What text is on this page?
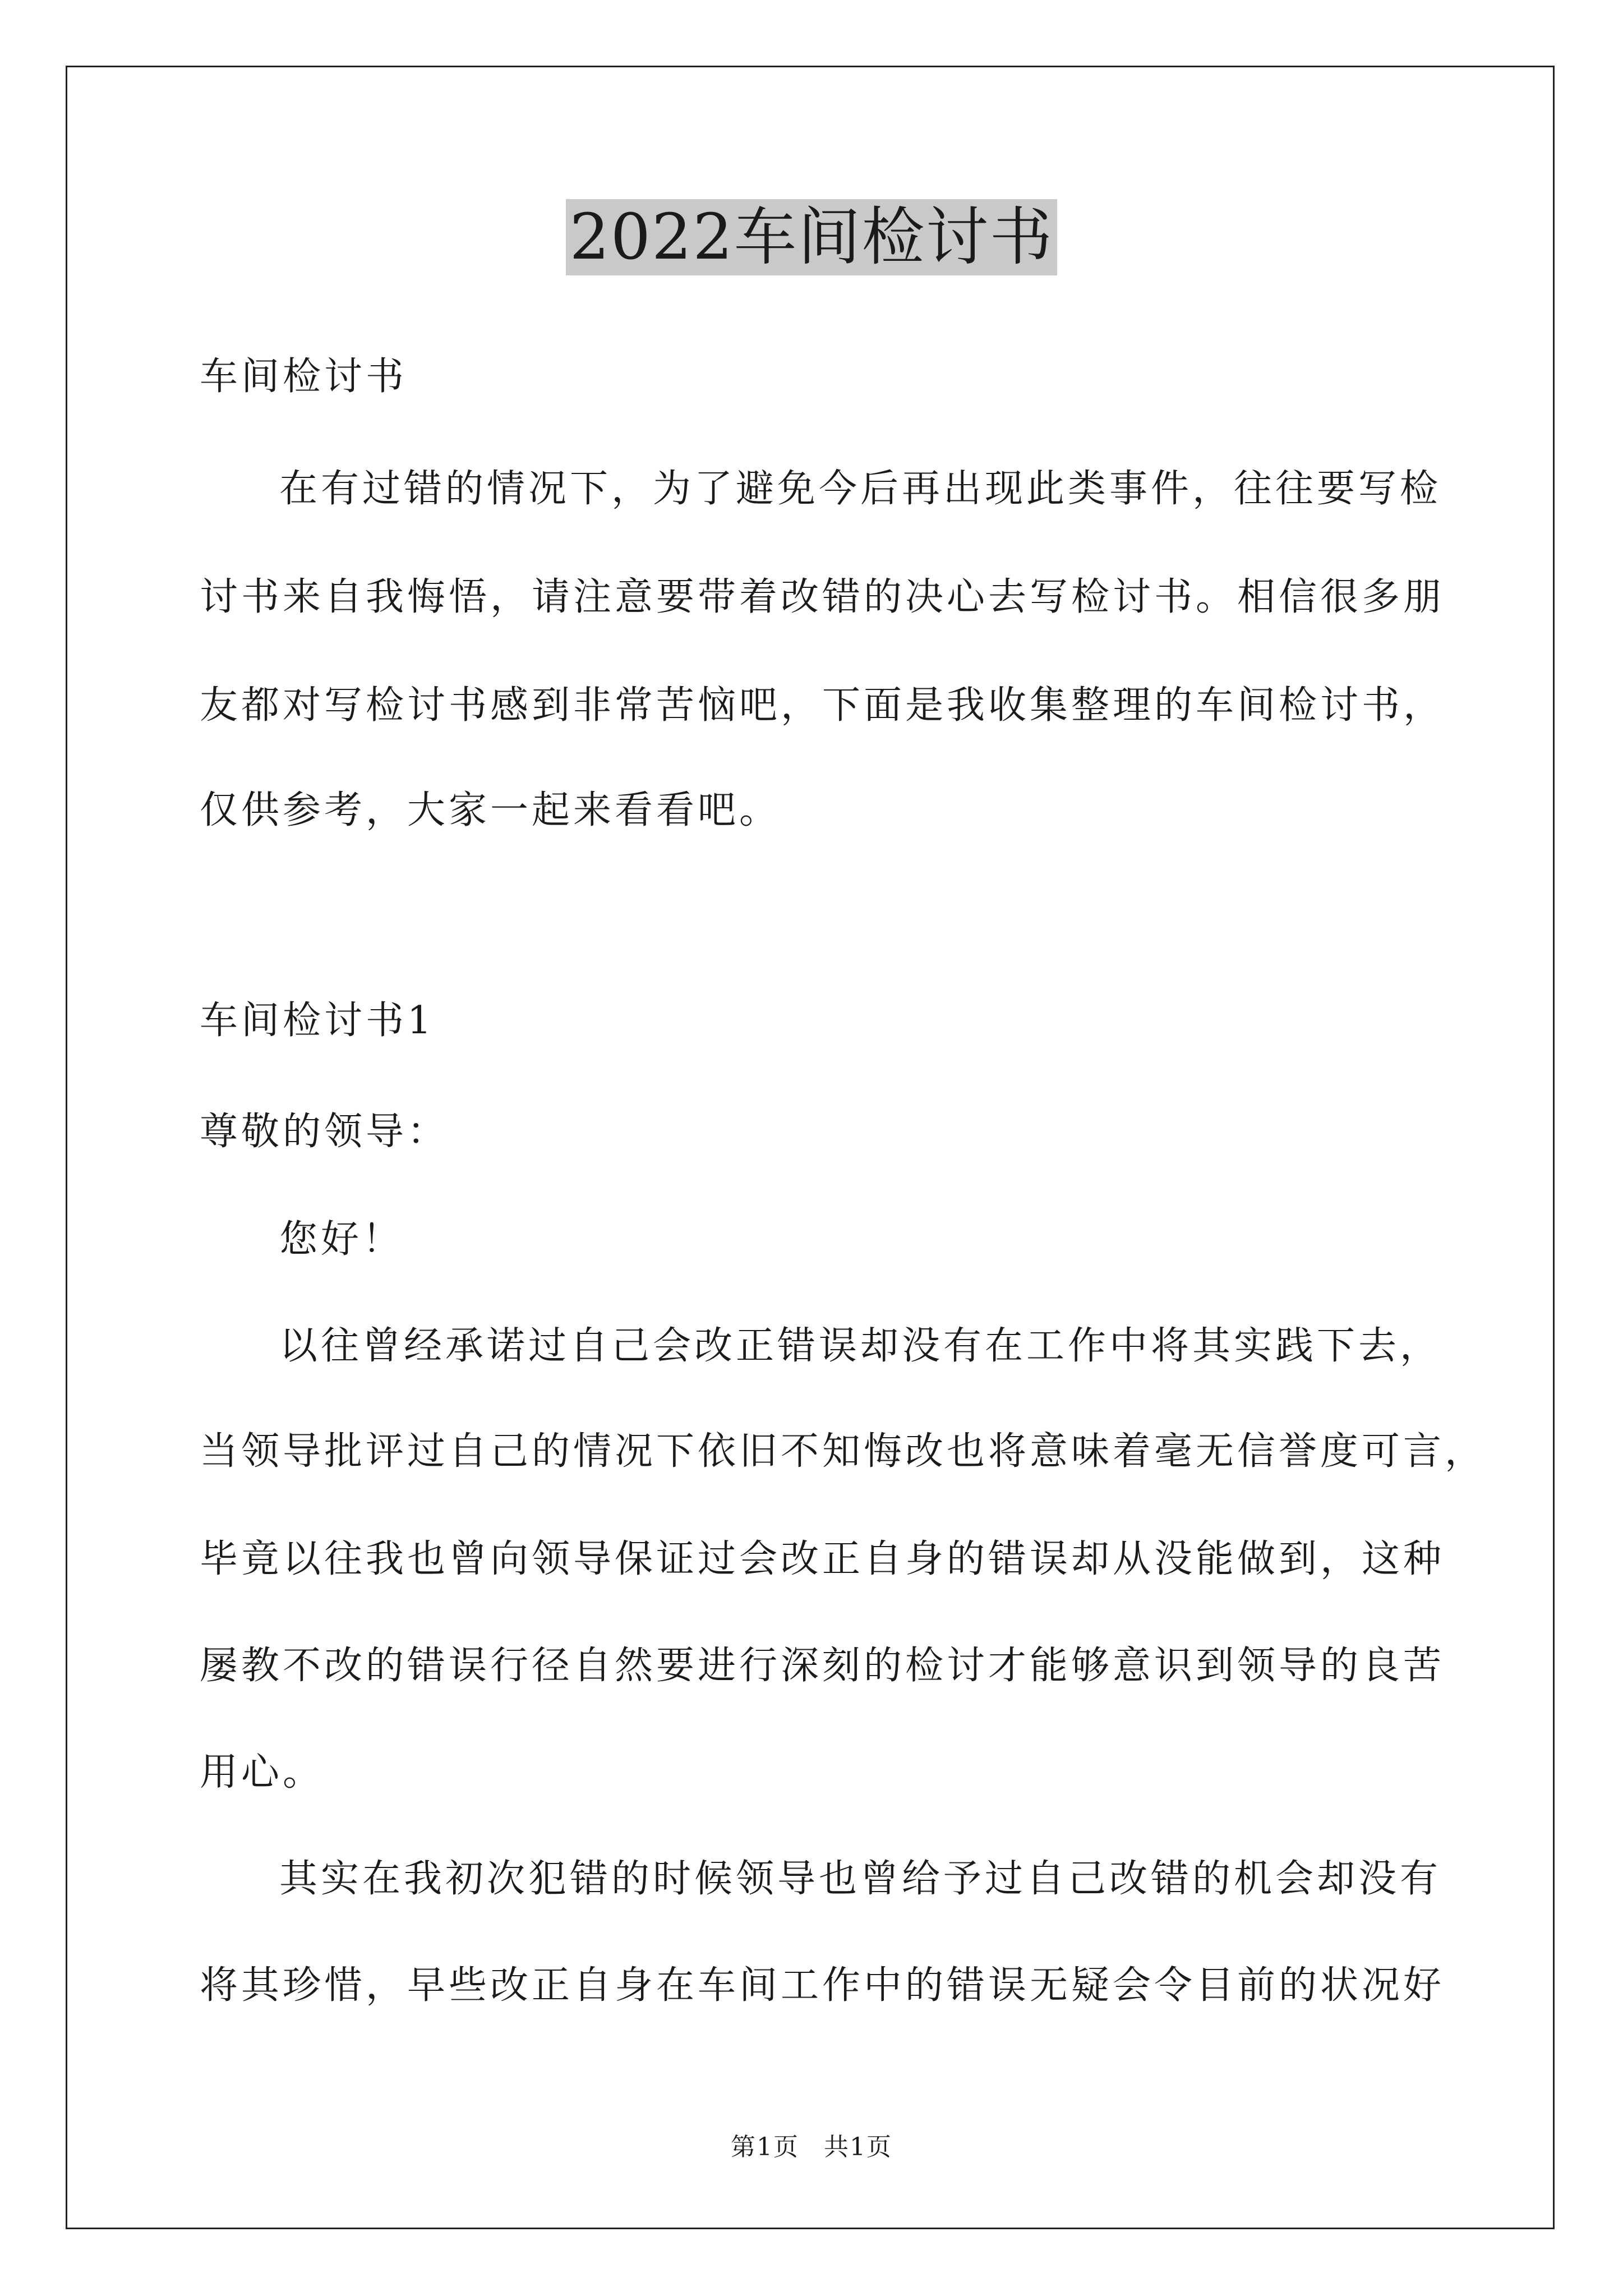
2022车间检讨书
车间检讨书
在有过错的情况下，为了避免今后再出现此类事件，往往要写检
讨书来自我悔悟，请注意要带着改错的决心去写检讨书。相信很多朋
友都对写检讨书感到非常苦恼吧，下面是我收集整理的车间检讨书，
仅供参考，大家一起来看看吧。
车间检讨书1
尊敬的领导：
您好！
以往曾经承诺过自己会改正错误却没有在工作中将其实践下去，
当领导批评过自己的情况下依旧不知悔改也将意味着毫无信誉度可言，
毕竟以往我也曾向领导保证过会改正自身的错误却从没能做到，这种
屡教不改的错误行径自然要进行深刻的检讨才能够意识到领导的良苦
用心。
其实在我初次犯错的时候领导也曾给予过自己改错的机会却没有
将其珍惜，早些改正自身在车间工作中的错误无疑会令目前的状况好
第1页 共1页
